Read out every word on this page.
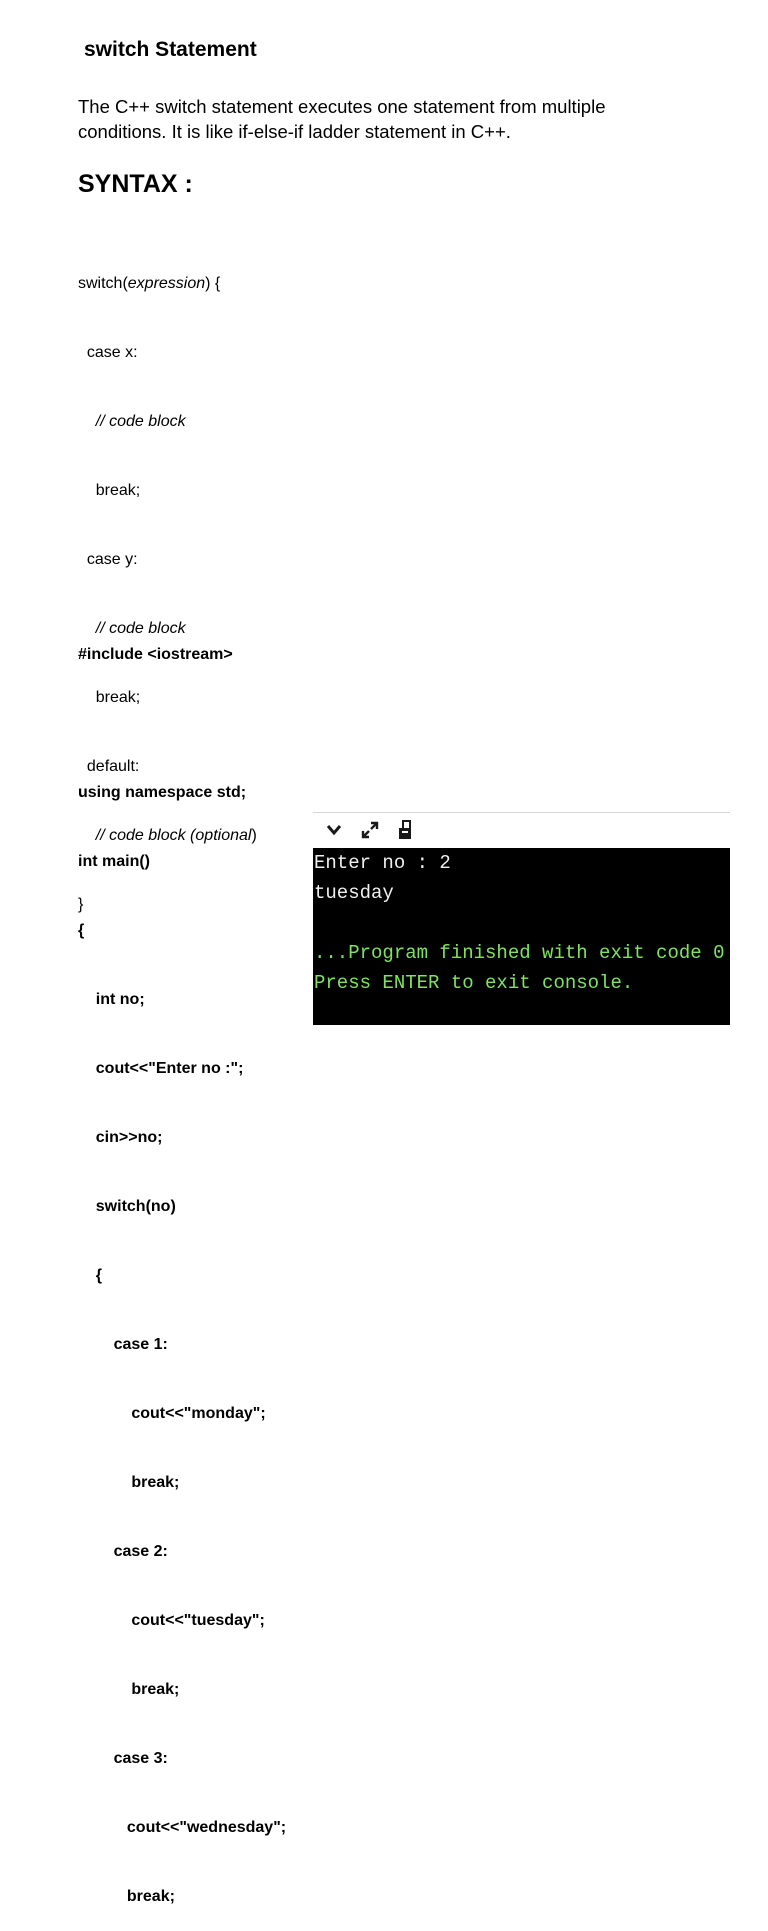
switch Statement

The C++ switch statement executes one statement from multiple
conditions. It is like if-else-if ladder statement in C++.

SYNTAX :

switch(expression) {

case x:

// code block

break;

case y:

// code block

break;

default:

// code block (optional)

}

#include <iostream>

using namespace std;

int main()

{

int no;

cout<<"Enter no :";

cin>>no;

switch(no)

{

case 1:

cout<<"monday";

break;

case 2:

cout<<"tuesday";

break;

case 3:

cout<<"wednesday";

break;

Enter no : 2
tuesday
...Program finished with exit code 0
Press ENTER to exit console.
